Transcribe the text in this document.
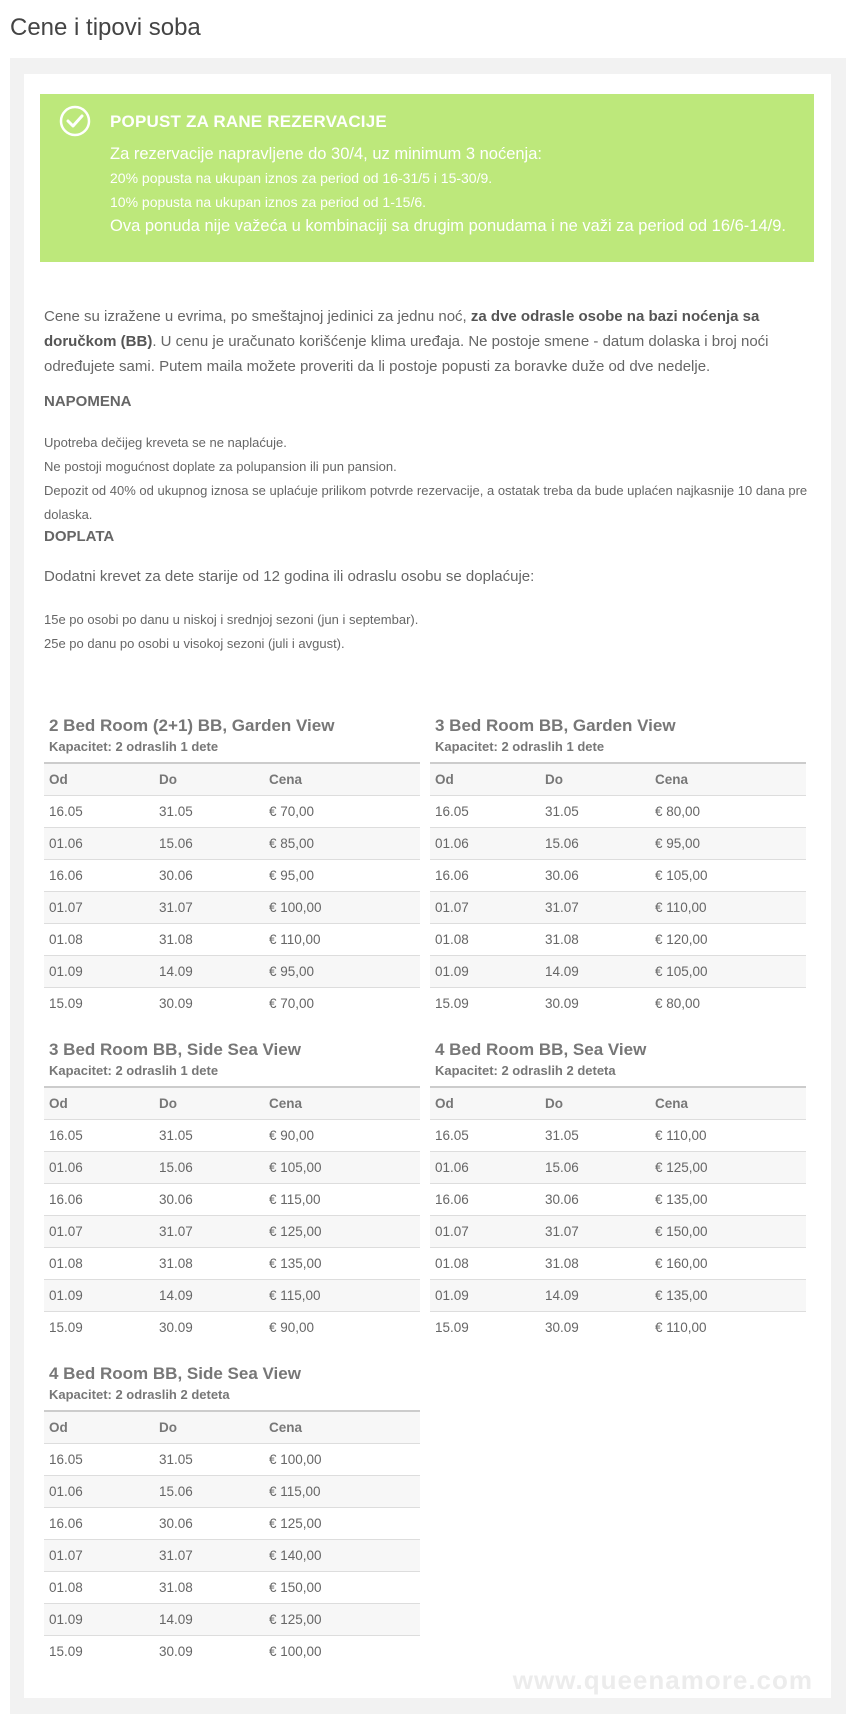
Cene i tipovi soba
POPUST ZA RANE REZERVACIJE
Za rezervacije napravljene do 30/4, uz minimum 3 noćenja:
20% popusta na ukupan iznos za period od 16-31/5 i 15-30/9.
10% popusta na ukupan iznos za period od 1-15/6.
Ova ponuda nije važeća u kombinaciji sa drugim ponudama i ne važi za period od 16/6-14/9.

Cene su izražene u evrima, po smeštajnoj jedinici za jednu noć, za dve odrasle osobe na bazi noćenja sa doručkom (BB). U cenu je uračunato korišćenje klima uređaja. Ne postoje smene - datum dolaska i broj noći određujete sami. Putem maila možete proveriti da li postoje popusti za boravke duže od dve nedelje.

NAPOMENA
Upotreba dečijeg kreveta se ne naplaćuje.
Ne postoji mogućnost doplate za polupansion ili pun pansion.
Depozit od 40% od ukupnog iznosa se uplaćuje prilikom potvrde rezervacije, a ostatak treba da bude uplaćen najkasnije 10 dana pre dolaska.
DOPLATA
Dodatni krevet za dete starije od 12 godina ili odraslu osobu se doplaćuje:
15e po osobi po danu u niskoj i srednjoj sezoni (jun i septembar).
25e po danu po osobi u visokoj sezoni (juli i avgust).
2 Bed Room (2+1) BB, Garden View
Kapacitet: 2 odraslih 1 dete
Od	Do	Cena
16.05	31.05	€ 70,00
01.06	15.06	€ 85,00
16.06	30.06	€ 95,00
01.07	31.07	€ 100,00
01.08	31.08	€ 110,00
01.09	14.09	€ 95,00
15.09	30.09	€ 70,00
3 Bed Room BB, Garden View
Kapacitet: 2 odraslih 1 dete
Od	Do	Cena
16.05	31.05	€ 80,00
01.06	15.06	€ 95,00
16.06	30.06	€ 105,00
01.07	31.07	€ 110,00
01.08	31.08	€ 120,00
01.09	14.09	€ 105,00
15.09	30.09	€ 80,00
3 Bed Room BB, Side Sea View
Kapacitet: 2 odraslih 1 dete
Od	Do	Cena
16.05	31.05	€ 90,00
01.06	15.06	€ 105,00
16.06	30.06	€ 115,00
01.07	31.07	€ 125,00
01.08	31.08	€ 135,00
01.09	14.09	€ 115,00
15.09	30.09	€ 90,00
4 Bed Room BB, Sea View
Kapacitet: 2 odraslih 2 deteta
Od	Do	Cena
16.05	31.05	€ 110,00
01.06	15.06	€ 125,00
16.06	30.06	€ 135,00
01.07	31.07	€ 150,00
01.08	31.08	€ 160,00
01.09	14.09	€ 135,00
15.09	30.09	€ 110,00
4 Bed Room BB, Side Sea View
Kapacitet: 2 odraslih 2 deteta
Od	Do	Cena
16.05	31.05	€ 100,00
01.06	15.06	€ 115,00
16.06	30.06	€ 125,00
01.07	31.07	€ 140,00
01.08	31.08	€ 150,00
01.09	14.09	€ 125,00
15.09	30.09	€ 100,00
www.queenamore.com
